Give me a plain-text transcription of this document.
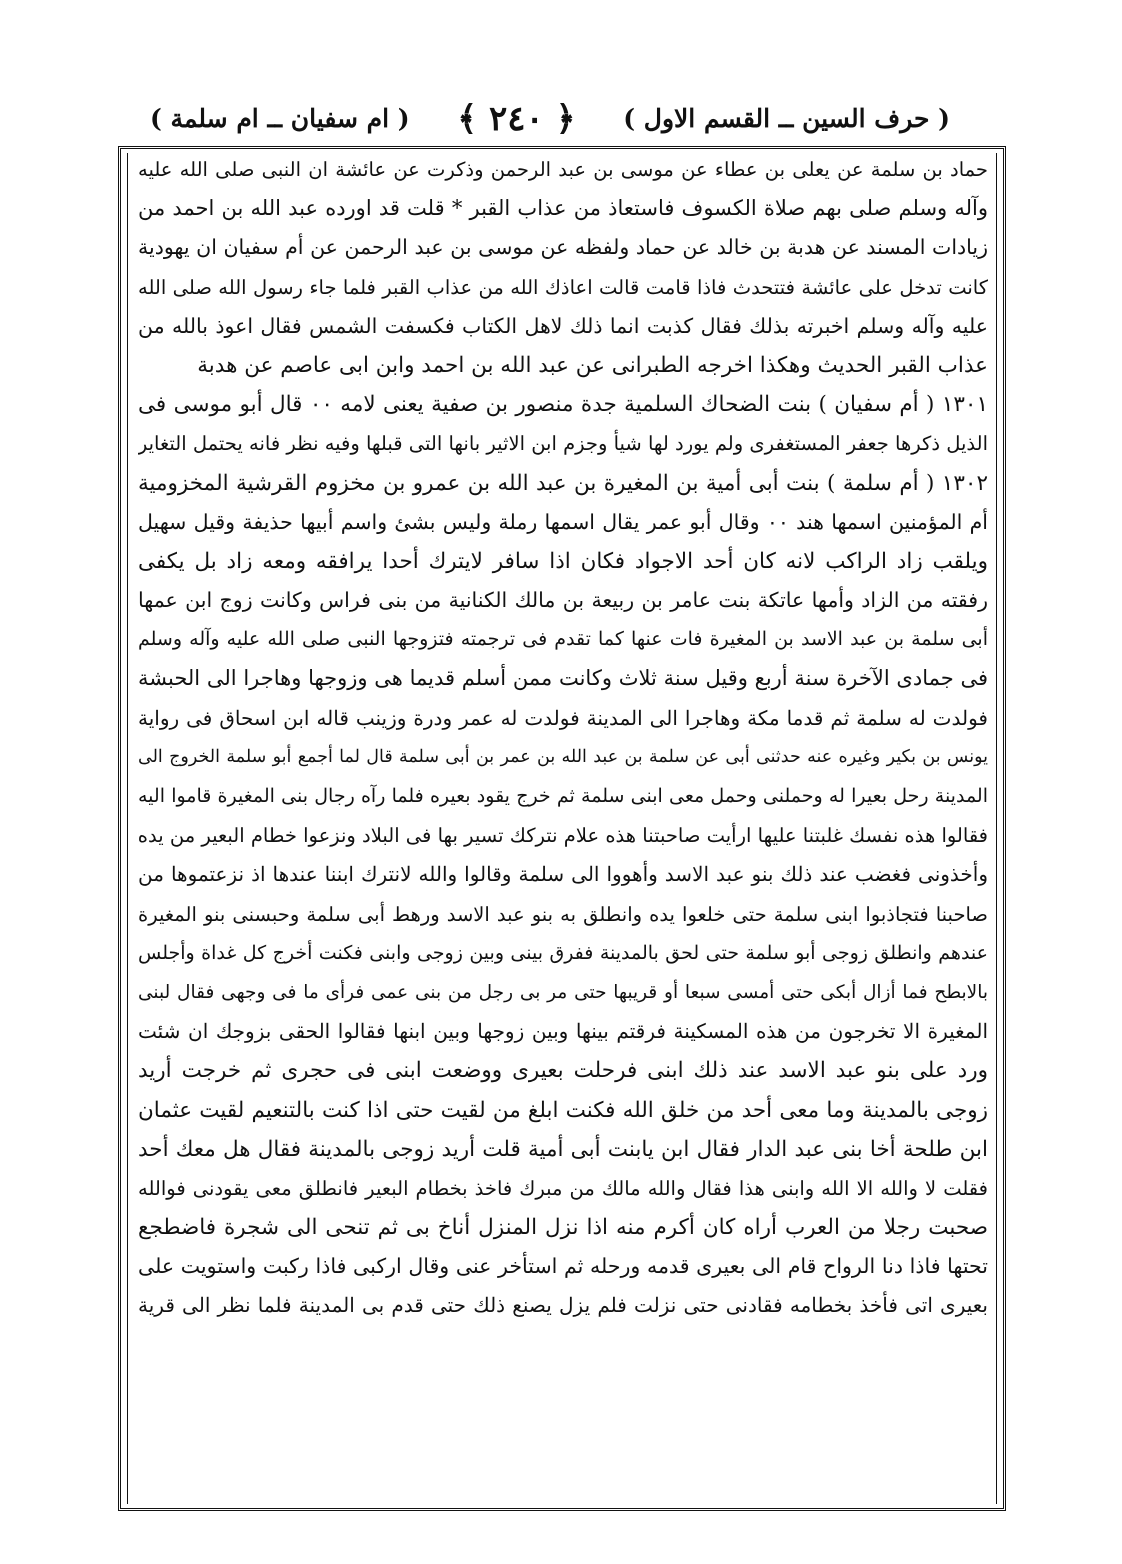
( حرف السين ــ القسم الاول )
﴿ ٢٤٠ ﴾
( ام سفيان ــ ام سلمة )
حماد بن سلمة عن يعلى بن عطاء عن موسى بن عبد الرحمن وذكرت عن عائشة ان النبى صلى الله عليه
وآله وسلم صلى بهم صلاة الكسوف فاستعاذ من عذاب القبر * قلت قد اورده عبد الله بن احمد من
زيادات المسند عن هدبة بن خالد عن حماد ولفظه عن موسى بن عبد الرحمن عن أم سفيان ان يهودية
كانت تدخل على عائشة فتتحدث فاذا قامت قالت اعاذك الله من عذاب القبر فلما جاء رسول الله صلى الله
عليه وآله وسلم اخبرته بذلك فقال كذبت انما ذلك لاهل الكتاب فكسفت الشمس فقال اعوذ بالله من
عذاب القبر الحديث وهكذا اخرجه الطبرانى عن عبد الله بن احمد وابن ابى عاصم عن هدبة
١٣٠١ ( أم سفيان ) بنت الضحاك السلمية جدة منصور بن صفية يعنى لامه ٠٠ قال أبو موسى فى
الذيل ذكرها جعفر المستغفرى ولم يورد لها شيأ وجزم ابن الاثير بانها التى قبلها وفيه نظر فانه يحتمل التغاير
١٣٠٢ ( أم سلمة ) بنت أبى أمية بن المغيرة بن عبد الله بن عمرو بن مخزوم القرشية المخزومية
أم المؤمنين اسمها هند ٠٠ وقال أبو عمر يقال اسمها رملة وليس بشئ واسم أبيها حذيفة وقيل سهيل
ويلقب زاد الراكب لانه كان أحد الاجواد فكان اذا سافر لايترك أحدا يرافقه ومعه زاد بل يكفى
رفقته من الزاد وأمها عاتكة بنت عامر بن ربيعة بن مالك الكنانية من بنى فراس وكانت زوج ابن عمها
أبى سلمة بن عبد الاسد بن المغيرة فات عنها كما تقدم فى ترجمته فتزوجها النبى صلى الله عليه وآله وسلم
فى جمادى الآخرة سنة أربع وقيل سنة ثلاث وكانت ممن أسلم قديما هى وزوجها وهاجرا الى الحبشة
فولدت له سلمة ثم قدما مكة وهاجرا الى المدينة فولدت له عمر ودرة وزينب قاله ابن اسحاق فى رواية
يونس بن بكير وغيره عنه حدثنى أبى عن سلمة بن عبد الله بن عمر بن أبى سلمة قال لما أجمع أبو سلمة الخروج الى
المدينة رحل بعيرا له وحملنى وحمل معى ابنى سلمة ثم خرج يقود بعيره فلما رآه رجال بنى المغيرة قاموا اليه
فقالوا هذه نفسك غلبتنا عليها ارأيت صاحبتنا هذه علام نتركك تسير بها فى البلاد ونزعوا خطام البعير من يده
وأخذونى فغضب عند ذلك بنو عبد الاسد وأهووا الى سلمة وقالوا والله لانترك ابننا عندها اذ نزعتموها من
صاحبنا فتجاذبوا ابنى سلمة حتى خلعوا يده وانطلق به بنو عبد الاسد ورهط أبى سلمة وحبسنى بنو المغيرة
عندهم وانطلق زوجى أبو سلمة حتى لحق بالمدينة ففرق بينى وبين زوجى وابنى فكنت أخرج كل غداة وأجلس
بالابطح فما أزال أبكى حتى أمسى سبعا أو قريبها حتى مر بى رجل من بنى عمى فرأى ما فى وجهى فقال لبنى
المغيرة الا تخرجون من هذه المسكينة فرقتم بينها وبين زوجها وبين ابنها فقالوا الحقى بزوجك ان شئت
ورد على بنو عبد الاسد عند ذلك ابنى فرحلت بعيرى ووضعت ابنى فى حجرى ثم خرجت أريد
زوجى بالمدينة وما معى أحد من خلق الله فكنت ابلغ من لقيت حتى اذا كنت بالتنعيم لقيت عثمان
ابن طلحة أخا بنى عبد الدار فقال ابن يابنت أبى أمية قلت أريد زوجى بالمدينة فقال هل معك أحد
فقلت لا والله الا الله وابنى هذا فقال والله مالك من مبرك فاخذ بخطام البعير فانطلق معى يقودنى فوالله
صحبت رجلا من العرب أراه كان أكرم منه اذا نزل المنزل أناخ بى ثم تنحى الى شجرة فاضطجع
تحتها فاذا دنا الرواح قام الى بعيرى قدمه ورحله ثم استأخر عنى وقال اركبى فاذا ركبت واستويت على
بعيرى اتى فأخذ بخطامه فقادنى حتى نزلت فلم يزل يصنع ذلك حتى قدم بى المدينة فلما نظر الى قرية
